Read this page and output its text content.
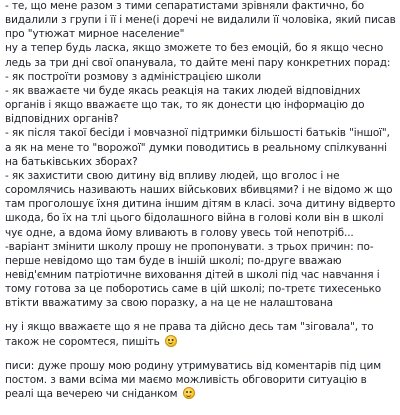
- те, що мене разом з тими сепаратистами зрівняли фактично, бо видалили з групи і її і мене(і доречі не видалили її чоловіка, який писав про "утюжат мирное население"

ну а тепер будь ласка, якщо зможете то без емоцій, бо я якщо чесно ледь за три дні свої опанувала, то дайте мені пару конкретних порад:

- як построїти розмову з адміністрацією школи

- як вважаєте чи буде якась реакція на таких людей відповідних органів і якщо вважаєте що так, то як донести цю інформацію до відповідних органів?

- як після такої бесіди і мовчазної підтримки більшості батьків "іншої", а як на мене то "ворожої" думки поводитись в реальному спілкуванні на батьківських зборах?

- як захистити свою дитину від впливу людей, що вголос і не соромлячись називають наших військових вбивцями? і не відомо ж що там проголошує їхня дитина іншим дітям в класі. зоча дитину відверто шкода, бо їх на тлі цього бідолашного війна в голові коли він в школі чує одне, а вдома йому вливають в голову увесь той непотріб...

-варіант змінити школу прошу не пропонувати. з трьох причин: по-перше невідомо що там буде в іншій школі; по-друге вважаю невід'ємним патріотичне виховання дітей в школі під час навчання і тому готова за це поборотись саме в цій школі; по-третє тихесенько втікти вважатиму за свою поразку, а на це не налаштована

ну і якщо вважаєте що я не права та дійсно десь там "зіговала", то також не соромтеся, пишіть

писи: дуже прошу мою родину утримуватись від коментарів під цим постом. з вами всіма ми маємо можливість обговорити ситуацію в реалі ща вечерею чи сніданком
